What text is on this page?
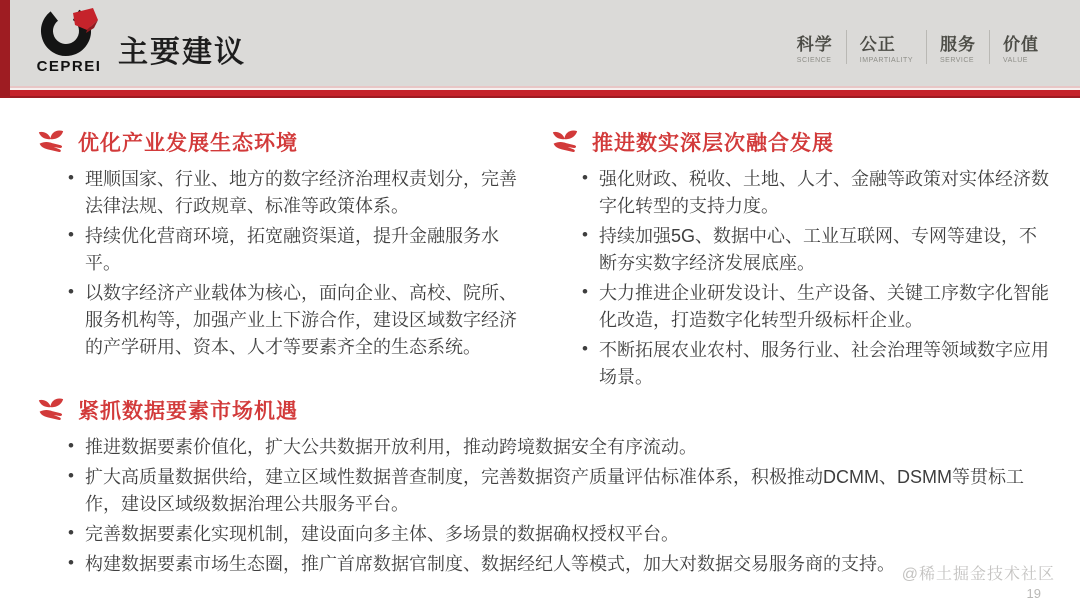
CEPREI 主要建议	科学
SCIENCE
公正
IMPARTIALITY
服务
SERVICE
价值
VALUE
优化产业发展生态环境
• 理顺国家、行业、地方的数字经济治理权责划分，完善法律法规、行政规章、标准等政策体系。
• 持续优化营商环境，拓宽融资渠道，提升金融服务水平。
• 以数字经济产业载体为核心，面向企业、高校、院所、服务机构等，加强产业上下游合作，建设区域数字经济的产学研用、资本、人才等要素齐全的生态系统。
推进数实深层次融合发展
• 强化财政、税收、土地、人才、金融等政策对实体经济数字化转型的支持力度。
• 持续加强5G、数据中心、工业互联网、专网等建设，不断夯实数字经济发展底座。
• 大力推进企业研发设计、生产设备、关键工序数字化智能化改造，打造数字化转型升级标杆企业。
• 不断拓展农业农村、服务行业、社会治理等领域数字应用场景。
紧抓数据要素市场机遇
• 推进数据要素价值化，扩大公共数据开放利用，推动跨境数据安全有序流动。
• 扩大高质量数据供给，建立区域性数据普查制度，完善数据资产质量评估标准体系，积极推动DCMM、DSMM等贯标工作，建设区域级数据治理公共服务平台。
• 完善数据要素化实现机制，建设面向多主体、多场景的数据确权授权平台。
• 构建数据要素市场生态圈，推广首席数据官制度、数据经纪人等模式，加大对数据交易服务商的支持。
@稀土掘金技术社区
19
